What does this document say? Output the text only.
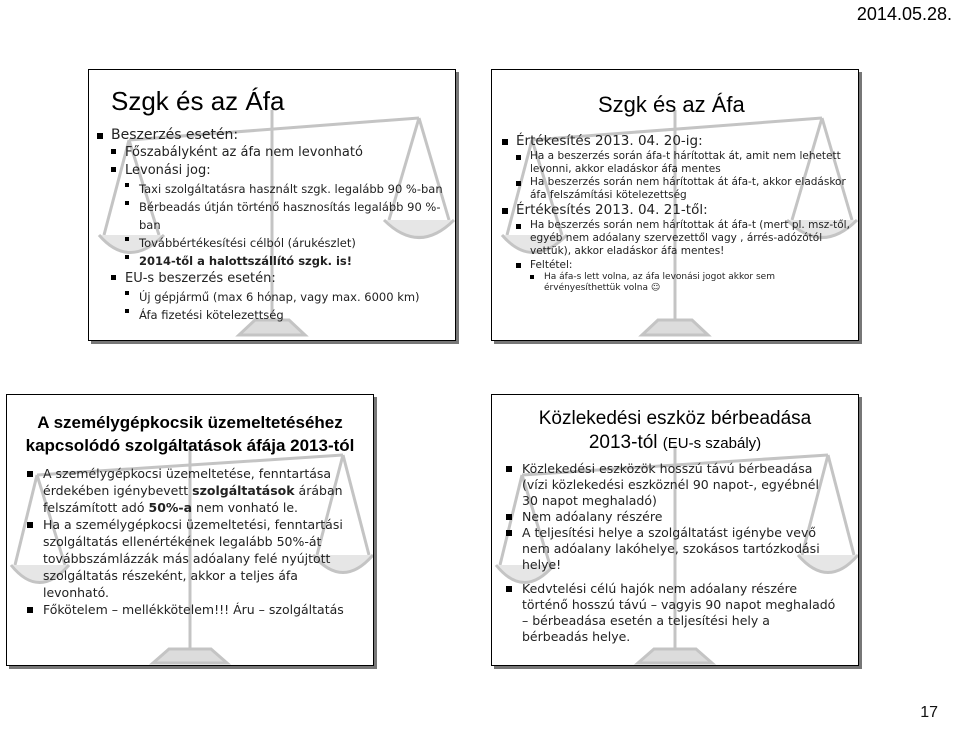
2014.05.28.
Szgk és az Áfa
Beszerzés esetén:
Főszabályként az áfa nem levonható
Levonási jog:
Taxi szolgáltatásra használt szgk. legalább 90 %-ban
Bérbeadás útján történő hasznosítás legalább 90 %-ban
Továbbértékesítési célból (árukészlet)
2014-től a halottszállító szgk. is!
EU-s beszerzés esetén:
Új gépjármű (max 6 hónap, vagy max. 6000 km)
Áfa fizetési kötelezettség
Szgk és az Áfa
Értékesítés 2013. 04. 20-ig:
Ha a beszerzés során áfa-t hárítottak át, amit nem lehetett levonni, akkor eladáskor áfa mentes
Ha beszerzés során nem hárítottak át áfa-t, akkor eladáskor áfa felszámítási kötelezettség
Értékesítés 2013. 04. 21-től:
Ha beszerzés során nem hárítottak át áfa-t (mert pl. msz-től, egyéb nem adóalany szervezettől vagy , árrés-adózótól vettük), akkor eladáskor áfa mentes!
Feltétel:
Ha áfa-s lett volna, az áfa levonási jogot akkor sem érvényesíthettük volna ☺
A személygépkocsik üzemeltetéséhez
kapcsolódó szolgáltatások áfája 2013-tól
A személygépkocsi üzemeltetése, fenntartása érdekében igénybevett szolgáltatások árában felszámított adó 50%-a nem vonható le.
Ha a személygépkocsi üzemeltetési, fenntartási szolgáltatás ellenértékének legalább 50%-át továbbszámlázzák más adóalany felé nyújtott szolgáltatás részeként, akkor a teljes áfa levonható.
Főkötelem – mellékkötelem!!! Áru – szolgáltatás
Közlekedési eszköz bérbeadása
2013-tól (EU-s szabály)
Közlekedési eszközök hosszú távú bérbeadása (vízi közlekedési eszköznél 90 napot-, egyébnél 30 napot meghaladó)
Nem adóalany részére
A teljesítési helye a szolgáltatást igénybe vevő nem adóalany lakóhelye, szokásos tartózkodási helye!
Kedvtelési célú hajók nem adóalany részére történő hosszú távú – vagyis 90 napot meghaladó – bérbeadása esetén a teljesítési hely a bérbeadás helye.
17
